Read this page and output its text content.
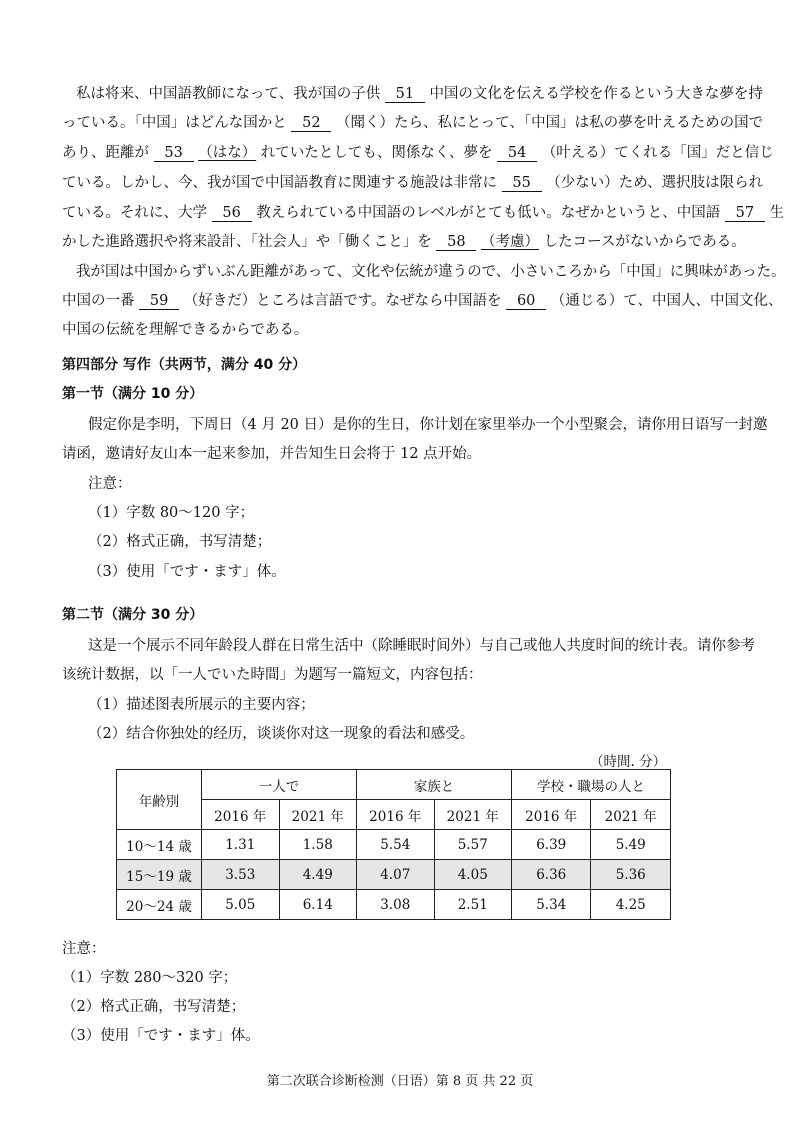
私は将来、中国語教師になって、我が国の子供 51 中国の文化を伝える学校を作るという大きな夢を持
っている。「中国」はどんな国かと 52 （聞く）たら、私にとって、「中国」は私の夢を叶えるための国で
あり、距離が 53 （はな） れていたとしても、関係なく、夢を 54 （叶える）てくれる「国」だと信じ
ている。しかし、今、我が国で中国語教育に関連する施設は非常に 55 （少ない）ため、選択肢は限られ
ている。それに、大学 56 教えられている中国語のレベルがとても低い。なぜかというと、中国語 57 生
かした進路選択や将来設計、「社会人」や「働くこと」を 58 （考慮） したコースがないからである。
我が国は中国からずいぶん距離があって、文化や伝統が違うので、小さいころから「中国」に興味があった。
中国の一番 59 （好きだ）ところは言語です。なぜなら中国語を 60 （通じる）て、中国人、中国文化、
中国の伝統を理解できるからである。
第四部分 写作（共两节，满分 40 分）
第一节（满分 10 分）
假定你是李明，下周日（4 月 20 日）是你的生日，你计划在家里举办一个小型聚会，请你用日语写一封邀
请函，邀请好友山本一起来参加，并告知生日会将于 12 点开始。
注意：
（1）字数 80～120 字；
（2）格式正确，书写清楚；
（3）使用「です・ます」体。
第二节（满分 30 分）
这是一个展示不同年龄段人群在日常生活中（除睡眠时间外）与自己或他人共度时间的统计表。请你参考
该统计数据，以「一人でいた時間」为题写一篇短文，内容包括：
（1）描述图表所展示的主要内容；
（2）结合你独处的经历，谈谈你对这一现象的看法和感受。
（時間. 分）
年齢別	一人で		家族と		学校・職場の人と	
	2016 年	2021 年	2016 年	2021 年	2016 年	2021 年
10～14 歳	1.31	1.58	5.54	5.57	6.39	5.49
15～19 歳	3.53	4.49	4.07	4.05	6.36	5.36
20～24 歳	5.05	6.14	3.08	2.51	5.34	4.25
注意：
（1）字数 280～320 字；
（2）格式正确，书写清楚；
（3）使用「です・ます」体。
第二次联合诊断检测（日语）第 8 页 共 22 页
